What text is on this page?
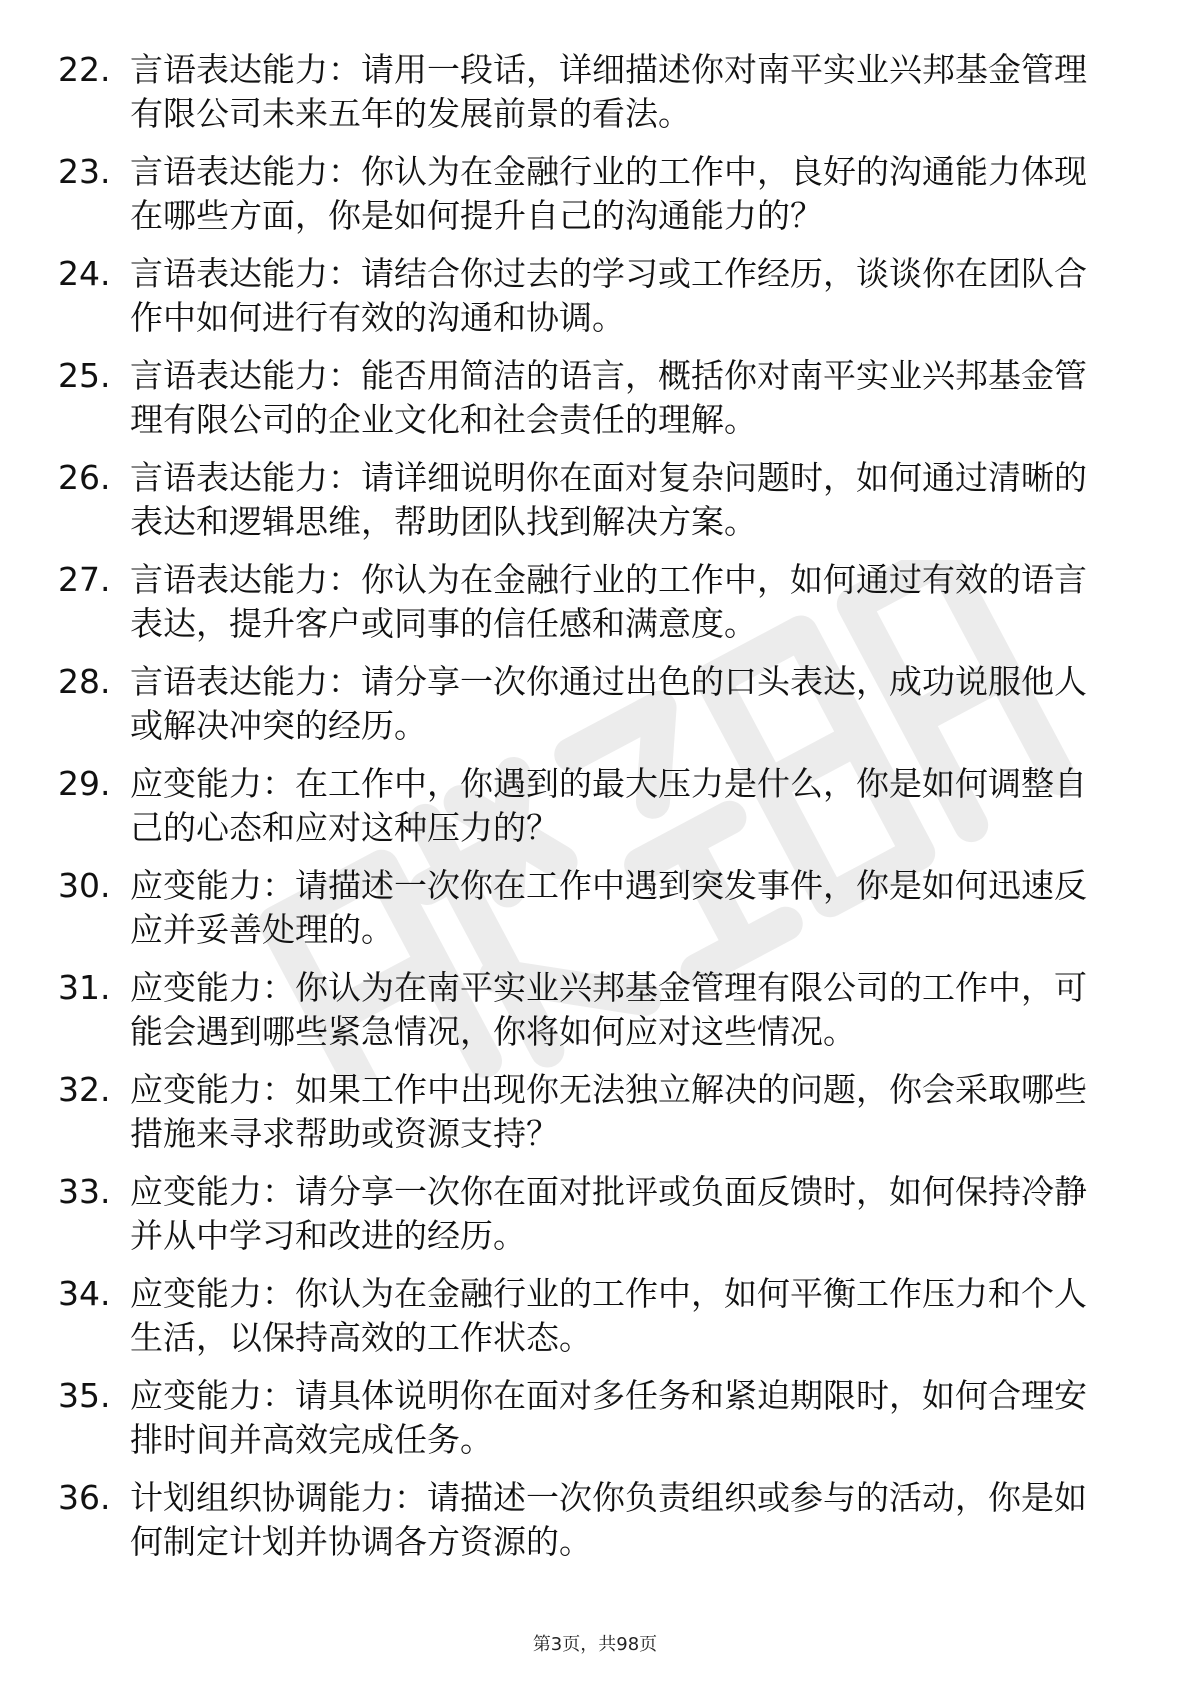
22. 言语表达能力：请用一段话，详细描述你对南平实业兴邦基金管理有限公司未来五年的发展前景的看法。
23. 言语表达能力：你认为在金融行业的工作中，良好的沟通能力体现在哪些方面，你是如何提升自己的沟通能力的？
24. 言语表达能力：请结合你过去的学习或工作经历，谈谈你在团队合作中如何进行有效的沟通和协调。
25. 言语表达能力：能否用简洁的语言，概括你对南平实业兴邦基金管理有限公司的企业文化和社会责任的理解。
26. 言语表达能力：请详细说明你在面对复杂问题时，如何通过清晰的表达和逻辑思维，帮助团队找到解决方案。
27. 言语表达能力：你认为在金融行业的工作中，如何通过有效的语言表达，提升客户或同事的信任感和满意度。
28. 言语表达能力：请分享一次你通过出色的口头表达，成功说服他人或解决冲突的经历。
29. 应变能力：在工作中，你遇到的最大压力是什么，你是如何调整自己的心态和应对这种压力的？
30. 应变能力：请描述一次你在工作中遇到突发事件，你是如何迅速反应并妥善处理的。
31. 应变能力：你认为在南平实业兴邦基金管理有限公司的工作中，可能会遇到哪些紧急情况，你将如何应对这些情况。
32. 应变能力：如果工作中出现你无法独立解决的问题，你会采取哪些措施来寻求帮助或资源支持？
33. 应变能力：请分享一次你在面对批评或负面反馈时，如何保持冷静并从中学习和改进的经历。
34. 应变能力：你认为在金融行业的工作中，如何平衡工作压力和个人生活，以保持高效的工作状态。
35. 应变能力：请具体说明你在面对多任务和紧迫期限时，如何合理安排时间并高效完成任务。
36. 计划组织协调能力：请描述一次你负责组织或参与的活动，你是如何制定计划并协调各方资源的。
第3页，共98页
